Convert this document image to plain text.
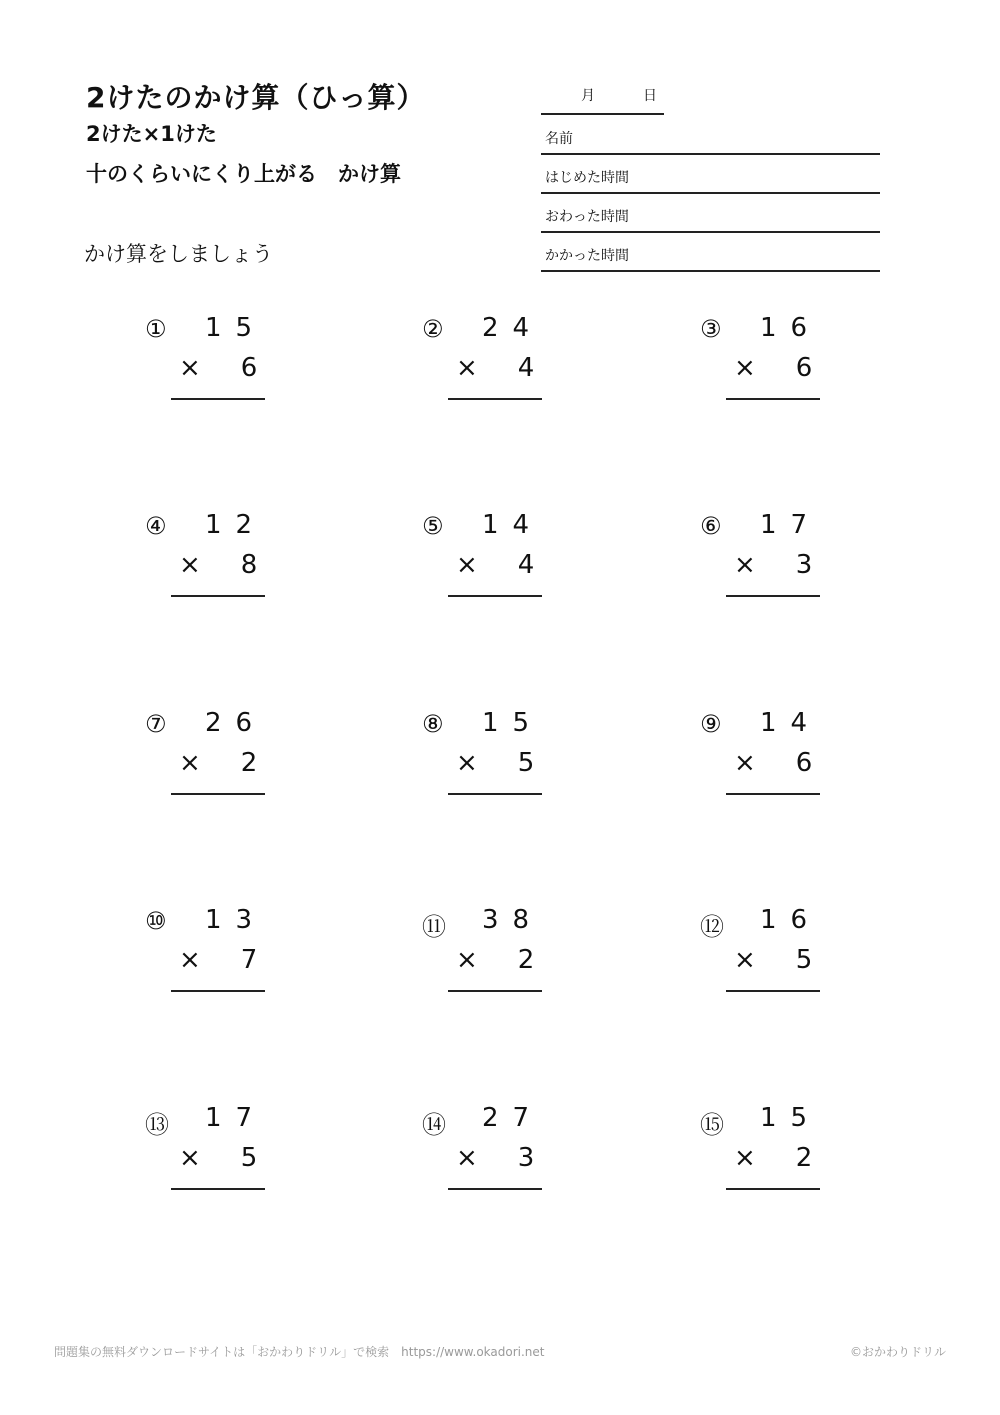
2けたのかけ算（ひっ算）
2けた×1けた
十のくらいにくり上がる　かけ算
かけ算をしましょう
月	日
名前
はじめた時間
おわった時間
かかった時間
① 15
× 6
② 24
× 4
③ 16
× 6
④ 12
× 8
⑤ 14
× 4
⑥ 17
× 3
⑦ 26
× 2
⑧ 15
× 5
⑨ 14
× 6
⑩ 13
× 7
⑪ 38
× 2
⑫ 16
× 5
⑬ 17
× 5
⑭ 27
× 3
⑮ 15
× 2
問題集の無料ダウンロードサイトは「おかわりドリル」で検索　https://www.okadori.net	©おかわりドリル
